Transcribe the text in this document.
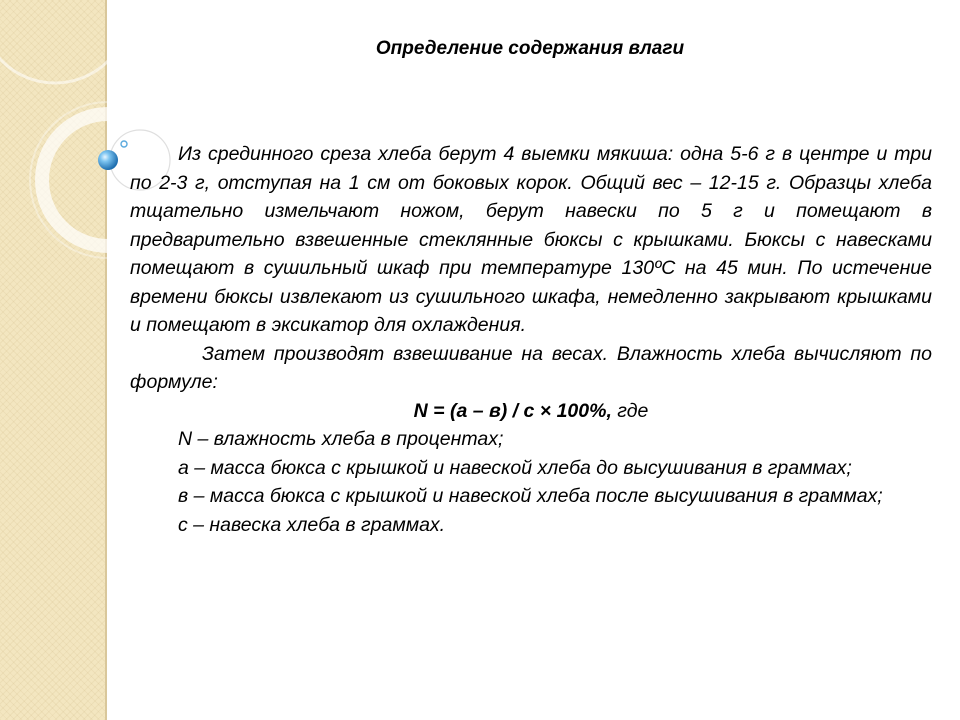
Определение содержания влаги

Из срединного среза хлеба берут 4 выемки мякиша: одна 5-6 г в центре и три по 2-3 г, отступая на 1 см от боковых корок. Общий вес – 12-15 г. Образцы хлеба тщательно измельчают ножом, берут навески по 5 г и помещают в предварительно взвешенные стеклянные бюксы с крышками. Бюксы с навесками помещают в сушильный шкаф при температуре 130ºС на 45 мин. По истечение времени бюксы извлекают из сушильного шкафа, немедленно закрывают крышками и помещают в эксикатор для охлаждения.

Затем производят взвешивание на весах. Влажность хлеба вычисляют по формуле:

N = (а – в) / с × 100%, где

N – влажность хлеба в процентах;

а – масса бюкса с крышкой и навеской хлеба до высушивания в граммах;

в – масса бюкса с крышкой и навеской хлеба после высушивания в граммах;

с – навеска хлеба в граммах.
